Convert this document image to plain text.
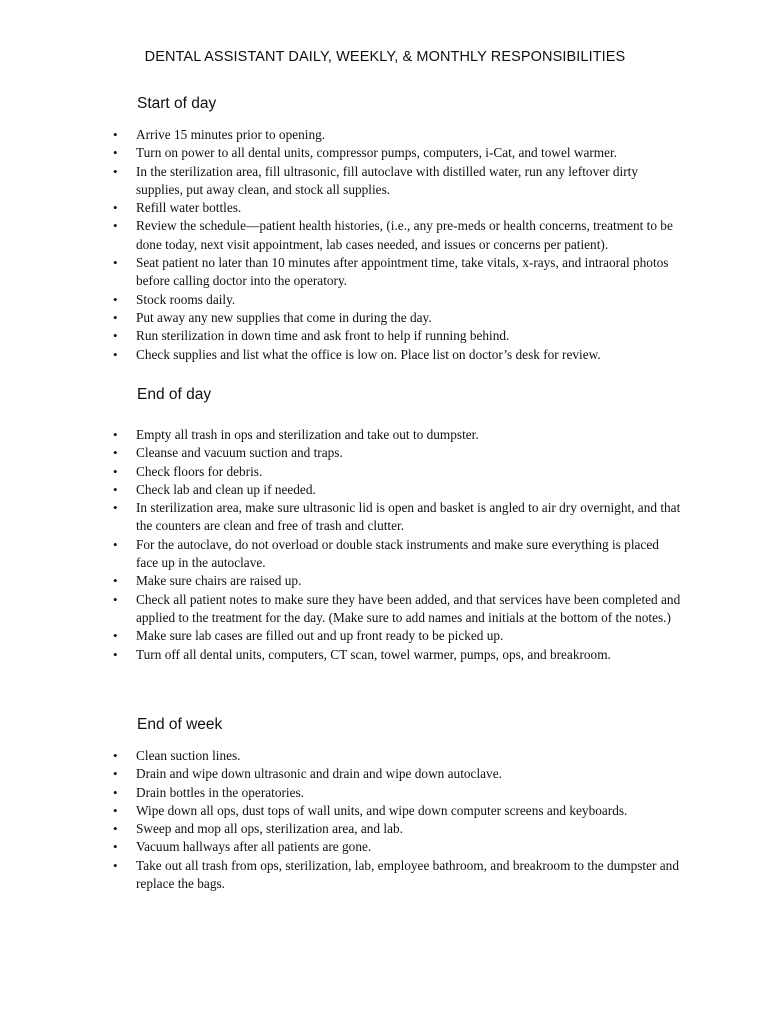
DENTAL ASSISTANT DAILY, WEEKLY, & MONTHLY RESPONSIBILITIES
Start of day
• Arrive 15 minutes prior to opening.
• Turn on power to all dental units, compressor pumps, computers, i-Cat, and towel warmer.
• In the sterilization area, fill ultrasonic, fill autoclave with distilled water, run any leftover dirty supplies, put away clean, and stock all supplies.
• Refill water bottles.
• Review the schedule—patient health histories, (i.e., any pre-meds or health concerns, treatment to be done today, next visit appointment, lab cases needed, and issues or concerns per patient).
• Seat patient no later than 10 minutes after appointment time, take vitals, x-rays, and intraoral photos before calling doctor into the operatory.
• Stock rooms daily.
• Put away any new supplies that come in during the day.
• Run sterilization in down time and ask front to help if running behind.
• Check supplies and list what the office is low on. Place list on doctor’s desk for review.
End of day
• Empty all trash in ops and sterilization and take out to dumpster.
• Cleanse and vacuum suction and traps.
• Check floors for debris.
• Check lab and clean up if needed.
• In sterilization area, make sure ultrasonic lid is open and basket is angled to air dry overnight, and that the counters are clean and free of trash and clutter.
• For the autoclave, do not overload or double stack instruments and make sure everything is placed face up in the autoclave.
• Make sure chairs are raised up.
• Check all patient notes to make sure they have been added, and that services have been completed and applied to the treatment for the day. (Make sure to add names and initials at the bottom of the notes.)
• Make sure lab cases are filled out and up front ready to be picked up.
• Turn off all dental units, computers, CT scan, towel warmer, pumps, ops, and breakroom.
End of week
• Clean suction lines.
• Drain and wipe down ultrasonic and drain and wipe down autoclave.
• Drain bottles in the operatories.
• Wipe down all ops, dust tops of wall units, and wipe down computer screens and keyboards.
• Sweep and mop all ops, sterilization area, and lab.
• Vacuum hallways after all patients are gone.
• Take out all trash from ops, sterilization, lab, employee bathroom, and breakroom to the dumpster and replace the bags.
